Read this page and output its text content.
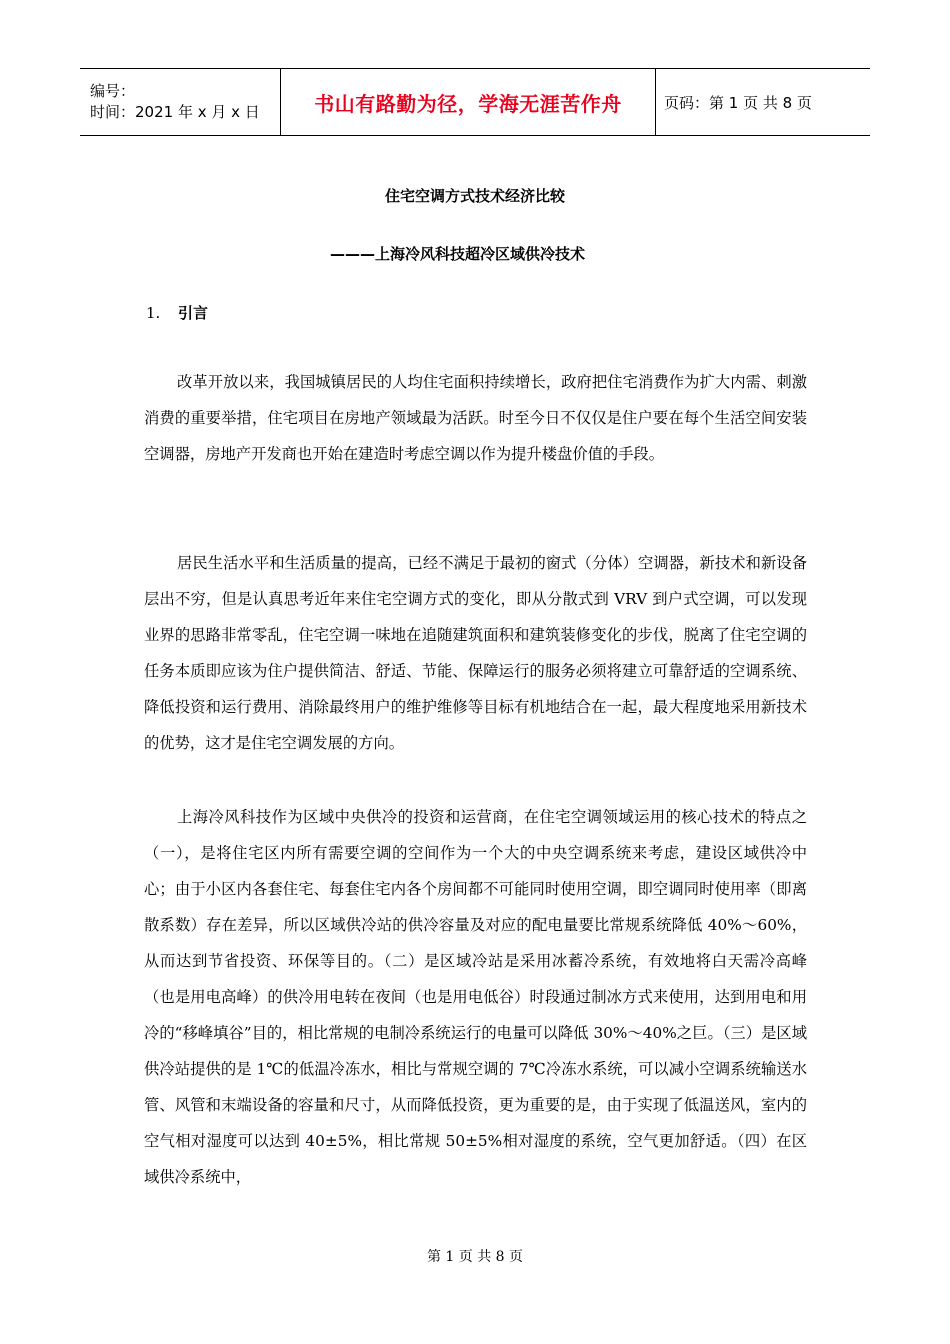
编号：
时间：2021 年 x 月 x 日	书山有路勤为径，学海无涯苦作舟	页码：第 1 页 共 8 页
住宅空调方式技术经济比较
———上海冷风科技超冷区域供冷技术
1. 引言

改革开放以来，我国城镇居民的人均住宅面积持续增长，政府把住宅消费作为扩大内需、刺激消费的重要举措，住宅项目在房地产领域最为活跃。时至今日不仅仅是住户要在每个生活空间安装空调器，房地产开发商也开始在建造时考虑空调以作为提升楼盘价值的手段。

居民生活水平和生活质量的提高，已经不满足于最初的窗式（分体）空调器，新技术和新设备层出不穷，但是认真思考近年来住宅空调方式的变化，即从分散式到 VRV 到户式空调，可以发现业界的思路非常零乱，住宅空调一味地在追随建筑面积和建筑装修变化的步伐，脱离了住宅空调的任务本质即应该为住户提供简洁、舒适、节能、保障运行的服务必须将建立可靠舒适的空调系统、降低投资和运行费用、消除最终用户的维护维修等目标有机地结合在一起，最大程度地采用新技术的优势，这才是住宅空调发展的方向。

上海冷风科技作为区域中央供冷的投资和运营商，在住宅空调领域运用的核心技术的特点之（一），是将住宅区内所有需要空调的空间作为一个大的中央空调系统来考虑，建设区域供冷中心；由于小区内各套住宅、每套住宅内各个房间都不可能同时使用空调，即空调同时使用率（即离散系数）存在差异，所以区域供冷站的供冷容量及对应的配电量要比常规系统降低 40%～60%，从而达到节省投资、环保等目的。（二）是区域冷站是采用冰蓄冷系统，有效地将白天需冷高峰（也是用电高峰）的供冷用电转在夜间（也是用电低谷）时段通过制冰方式来使用，达到用电和用冷的“移峰填谷”目的，相比常规的电制冷系统运行的电量可以降低 30%～40%之巨。（三）是区域供冷站提供的是 1℃的低温冷冻水，相比与常规空调的 7℃冷冻水系统，可以减小空调系统输送水管、风管和末端设备的容量和尺寸，从而降低投资，更为重要的是，由于实现了低温送风，室内的空气相对湿度可以达到 40±5%，相比常规 50±5%相对湿度的系统，空气更加舒适。（四）在区域供冷系统中，

第 1 页 共 8 页
